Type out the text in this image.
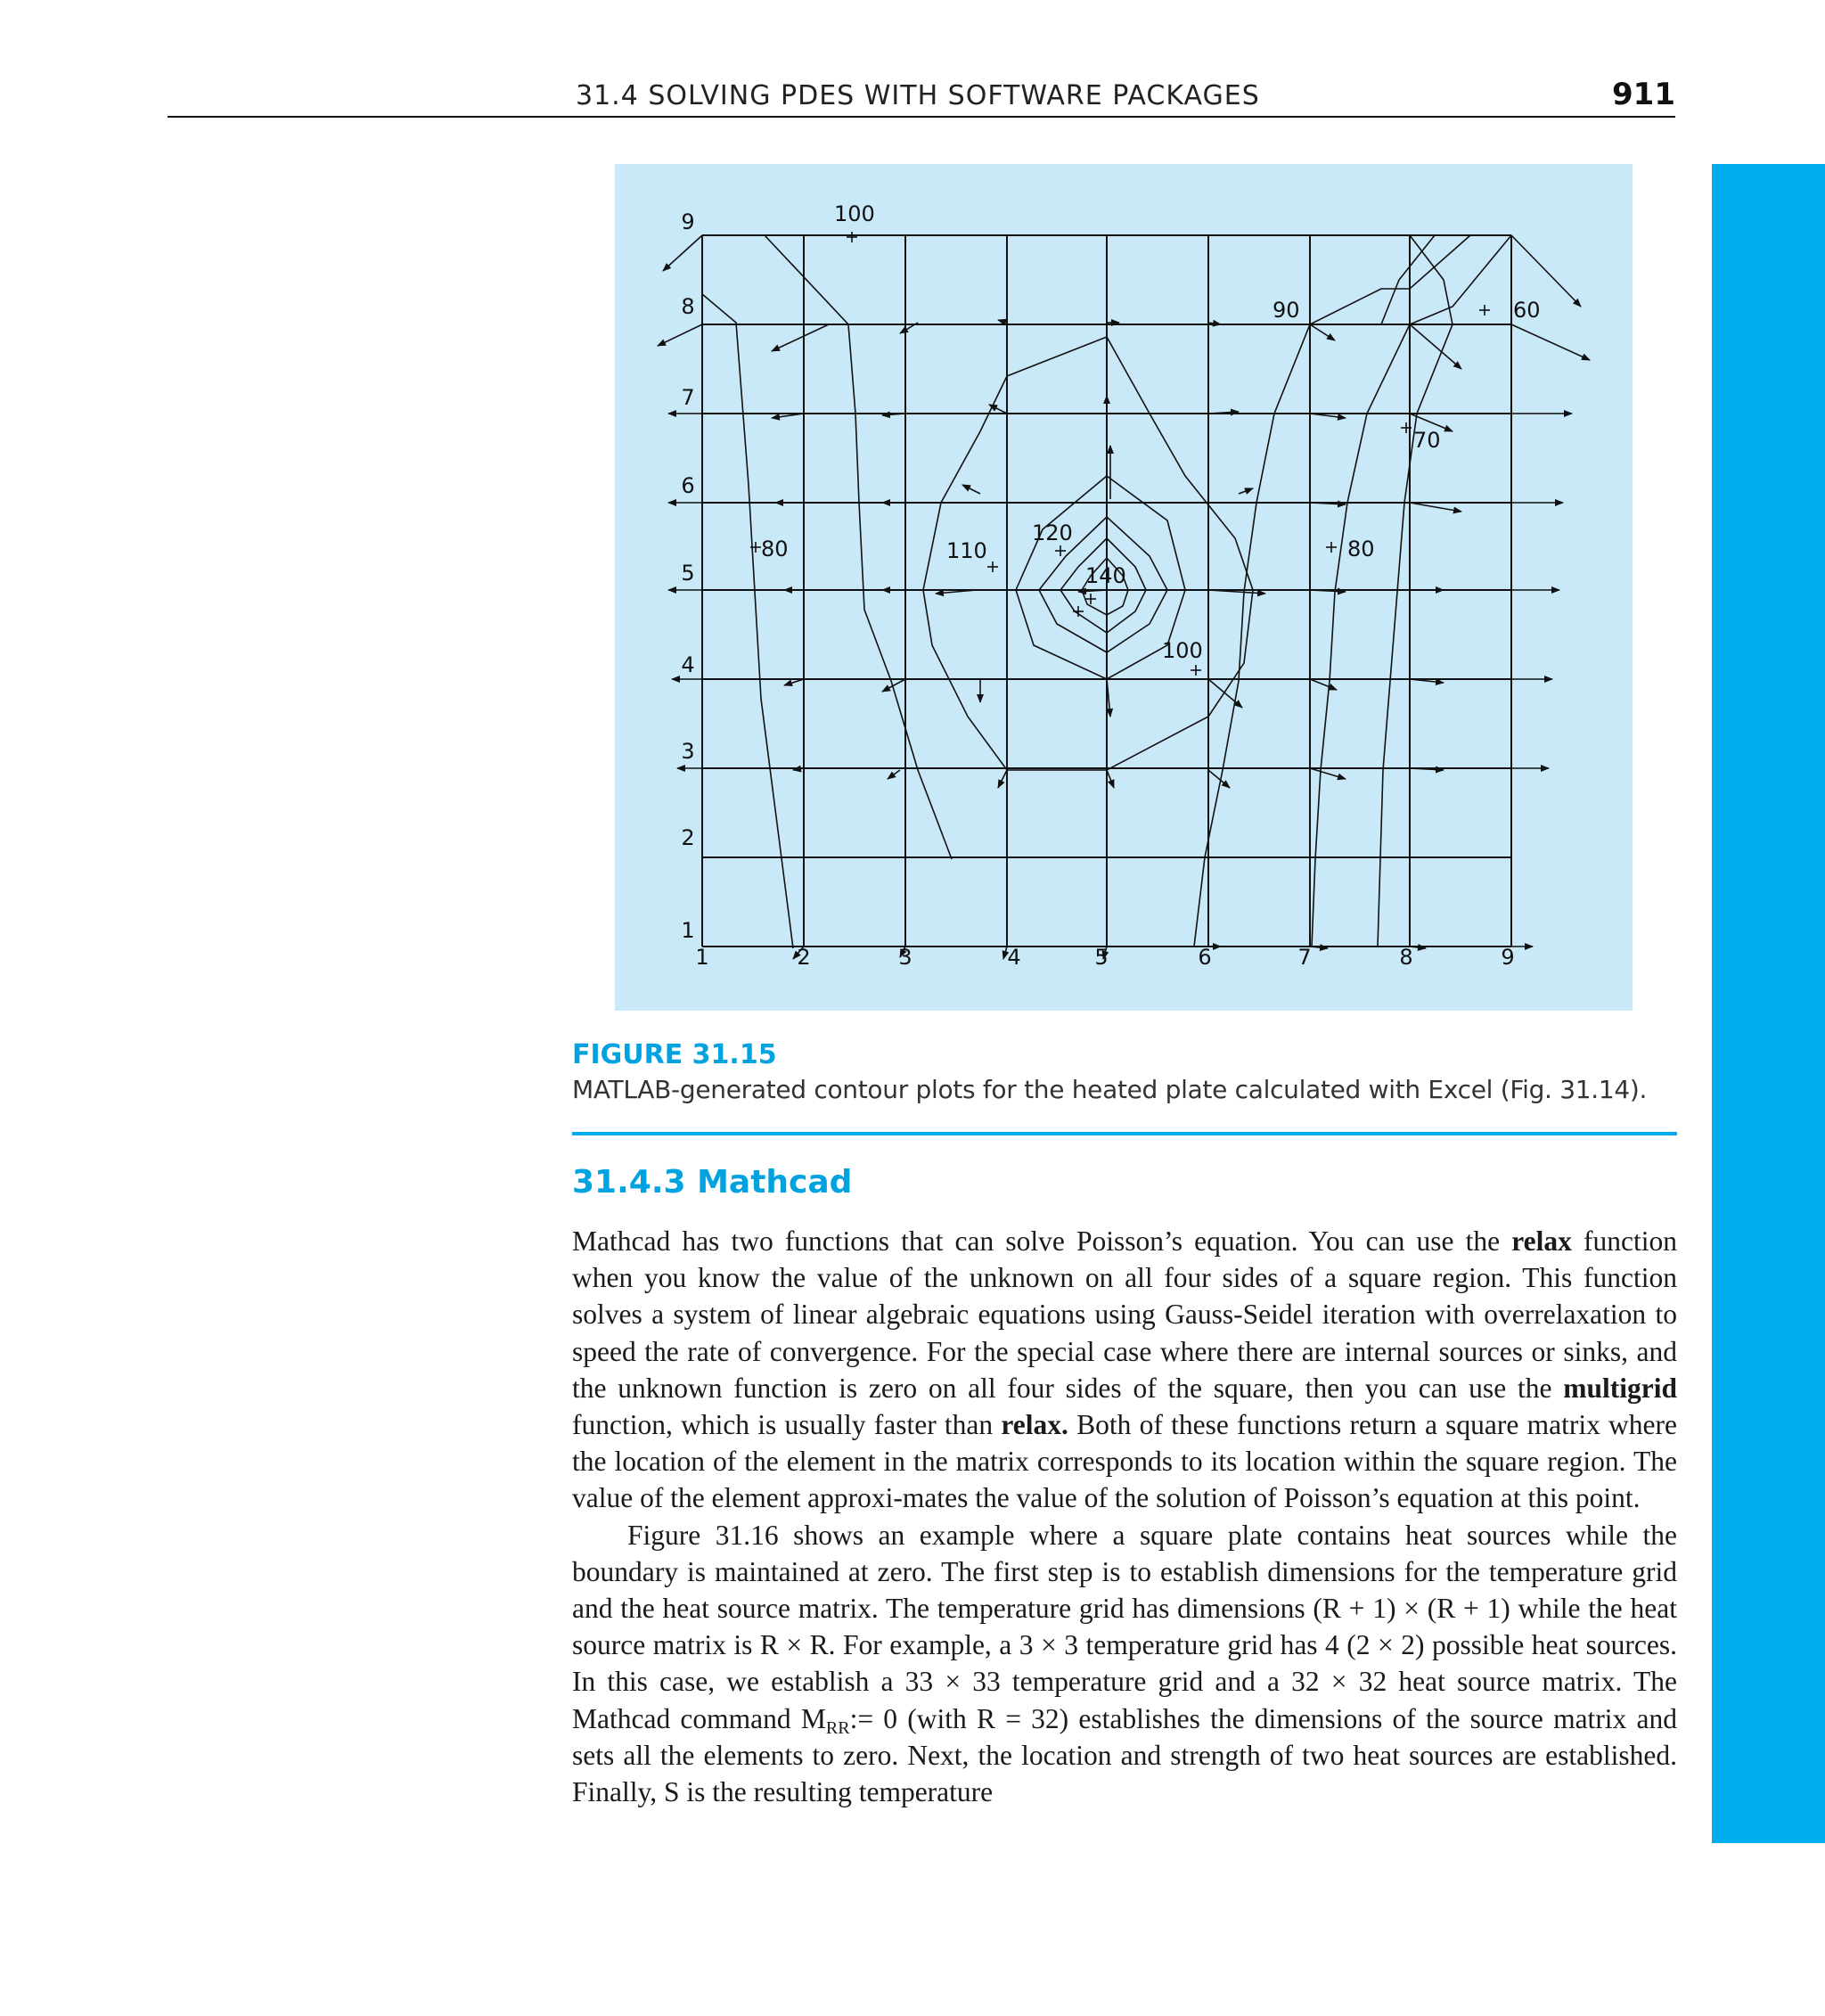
31.4 SOLVING PDES WITH SOFTWARE PACKAGES	911
1	2	3	4	5	6	7	8	9
1
2
3
4
5
6
7
8
9	100
90	60
70
80	110
120
140
100
80
FIGURE 31.15
MATLAB-generated contour plots for the heated plate calculated with Excel (Fig. 31.14).
31.4.3 Mathcad

Mathcad has two functions that can solve Poisson’s equation. You can use the relax function when you know the value of the unknown on all four sides of a square region. This function solves a system of linear algebraic equations using Gauss-Seidel iteration with overrelaxation to speed the rate of convergence. For the special case where there are internal sources or sinks, and the unknown function is zero on all four sides of the square, then you can use the multigrid function, which is usually faster than relax. Both of these functions return a square matrix where the location of the element in the matrix corresponds to its location within the square region. The value of the element approxi-mates the value of the solution of Poisson’s equation at this point.

Figure 31.16 shows an example where a square plate contains heat sources while the boundary is maintained at zero. The first step is to establish dimensions for the temperature grid and the heat source matrix. The temperature grid has dimensions (R + 1) × (R + 1) while the heat source matrix is R × R. For example, a 3 × 3 temperature grid has 4 (2 × 2) possible heat sources. In this case, we establish a 33 × 33 temperature grid and a 32 × 32 heat source matrix. The Mathcad command $M_{RR}:= 0$ (with R = 32) establishes the dimensions of the source matrix and sets all the elements to zero. Next, the location and strength of two heat sources are established. Finally, S is the resulting temperature
